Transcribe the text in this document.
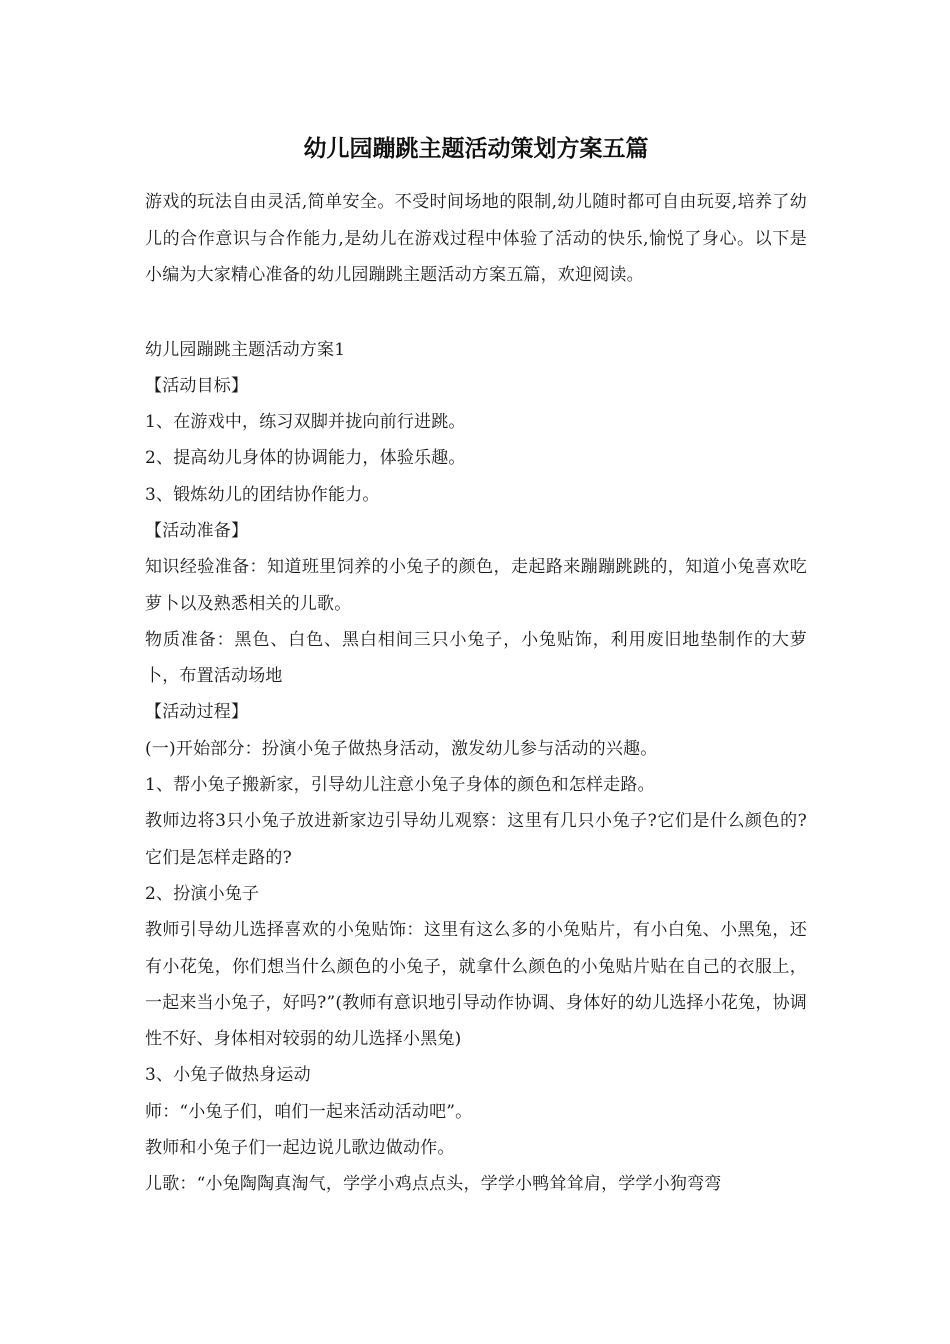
幼儿园蹦跳主题活动策划方案五篇

游戏的玩法自由灵活,简单安全。不受时间场地的限制,幼儿随时都可自由玩耍,培养了幼儿的合作意识与合作能力,是幼儿在游戏过程中体验了活动的快乐,愉悦了身心。以下是小编为大家精心准备的幼儿园蹦跳主题活动方案五篇，欢迎阅读。

幼儿园蹦跳主题活动方案1

【活动目标】

1、在游戏中，练习双脚并拢向前行进跳。

2、提高幼儿身体的协调能力，体验乐趣。

3、锻炼幼儿的团结协作能力。

【活动准备】

知识经验准备：知道班里饲养的小兔子的颜色，走起路来蹦蹦跳跳的，知道小兔喜欢吃萝卜以及熟悉相关的儿歌。

物质准备：黑色、白色、黑白相间三只小兔子，小兔贴饰，利用废旧地垫制作的大萝卜，布置活动场地

【活动过程】

(一)开始部分：扮演小兔子做热身活动，激发幼儿参与活动的兴趣。

1、帮小兔子搬新家，引导幼儿注意小兔子身体的颜色和怎样走路。

教师边将3只小兔子放进新家边引导幼儿观察：这里有几只小兔子?它们是什么颜色的?它们是怎样走路的?

2、扮演小兔子

教师引导幼儿选择喜欢的小兔贴饰：这里有这么多的小兔贴片，有小白兔、小黑兔，还有小花兔，你们想当什么颜色的小兔子，就拿什么颜色的小兔贴片贴在自己的衣服上，一起来当小兔子，好吗?”(教师有意识地引导动作协调、身体好的幼儿选择小花兔，协调性不好、身体相对较弱的幼儿选择小黑兔)

3、小兔子做热身运动

师：“小兔子们，咱们一起来活动活动吧”。

教师和小兔子们一起边说儿歌边做动作。

儿歌：“小兔陶陶真淘气，学学小鸡点点头，学学小鸭耸耸肩，学学小狗弯弯
